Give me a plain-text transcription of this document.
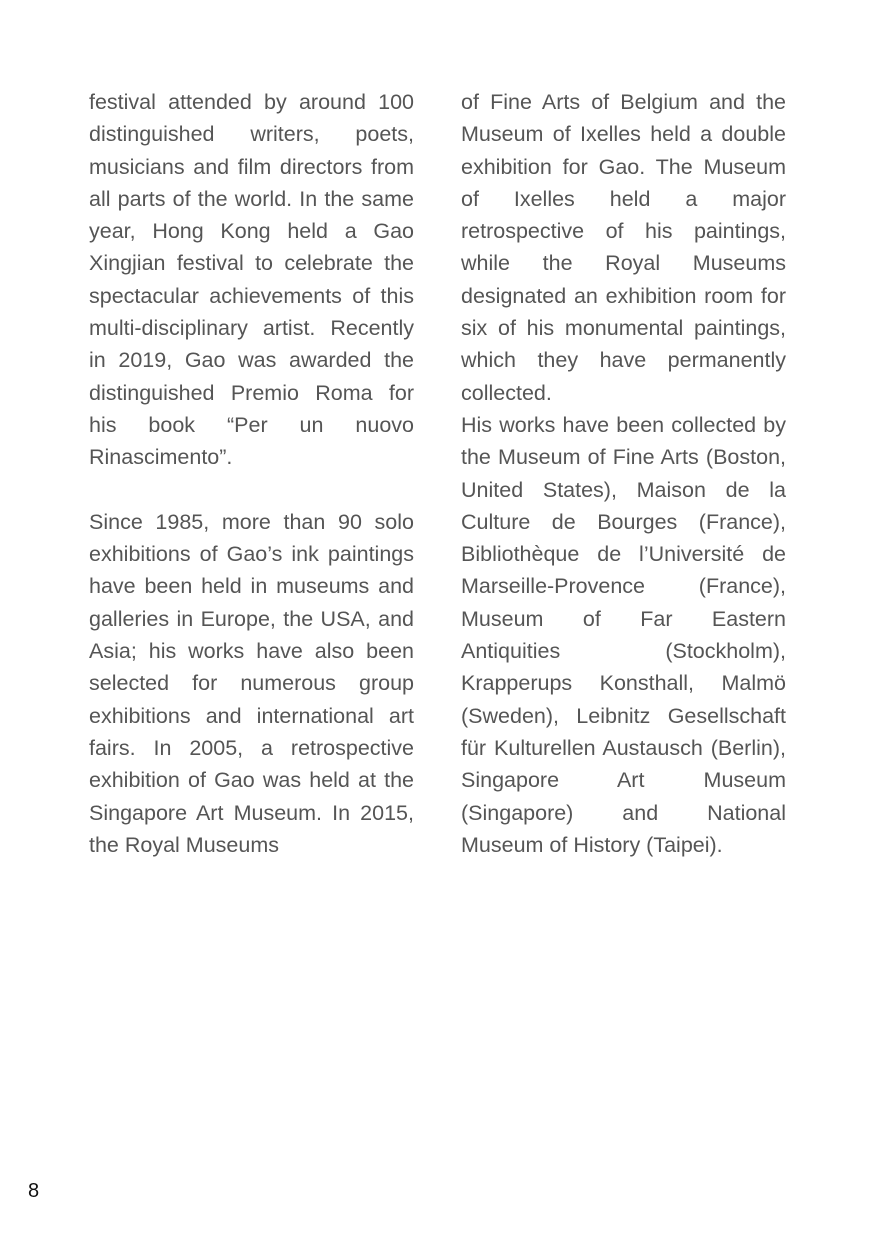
festival attended by around 100 distinguished writers, poets, musicians and film directors from all parts of the world. In the same year, Hong Kong held a Gao Xingjian festival to celebrate the spectacular achievements of this multi-disciplinary artist. Recently in 2019, Gao was awarded the distinguished Premio Roma for his book “Per un nuovo Rinascimento”.

Since 1985, more than 90 solo exhibitions of Gao’s ink paintings have been held in museums and galleries in Europe, the USA, and Asia; his works have also been selected for numerous group exhibitions and international art fairs. In 2005, a retrospective exhibition of Gao was held at the Singapore Art Museum. In 2015, the Royal Museums

of Fine Arts of Belgium and the Museum of Ixelles held a double exhibition for Gao. The Museum of Ixelles held a major retrospective of his paintings, while the Royal Museums designated an exhibition room for six of his monumental paintings, which they have permanently collected.

His works have been collected by the Museum of Fine Arts (Boston, United States), Maison de la Culture de Bourges (France), Bibliothèque de l’Université de Marseille-Provence (France), Museum of Far Eastern Antiquities (Stockholm), Krapperups Konsthall, Malmö (Sweden), Leibnitz Gesellschaft für Kulturellen Austausch (Berlin), Singapore Art Museum (Singapore) and National Museum of History (Taipei).

8
